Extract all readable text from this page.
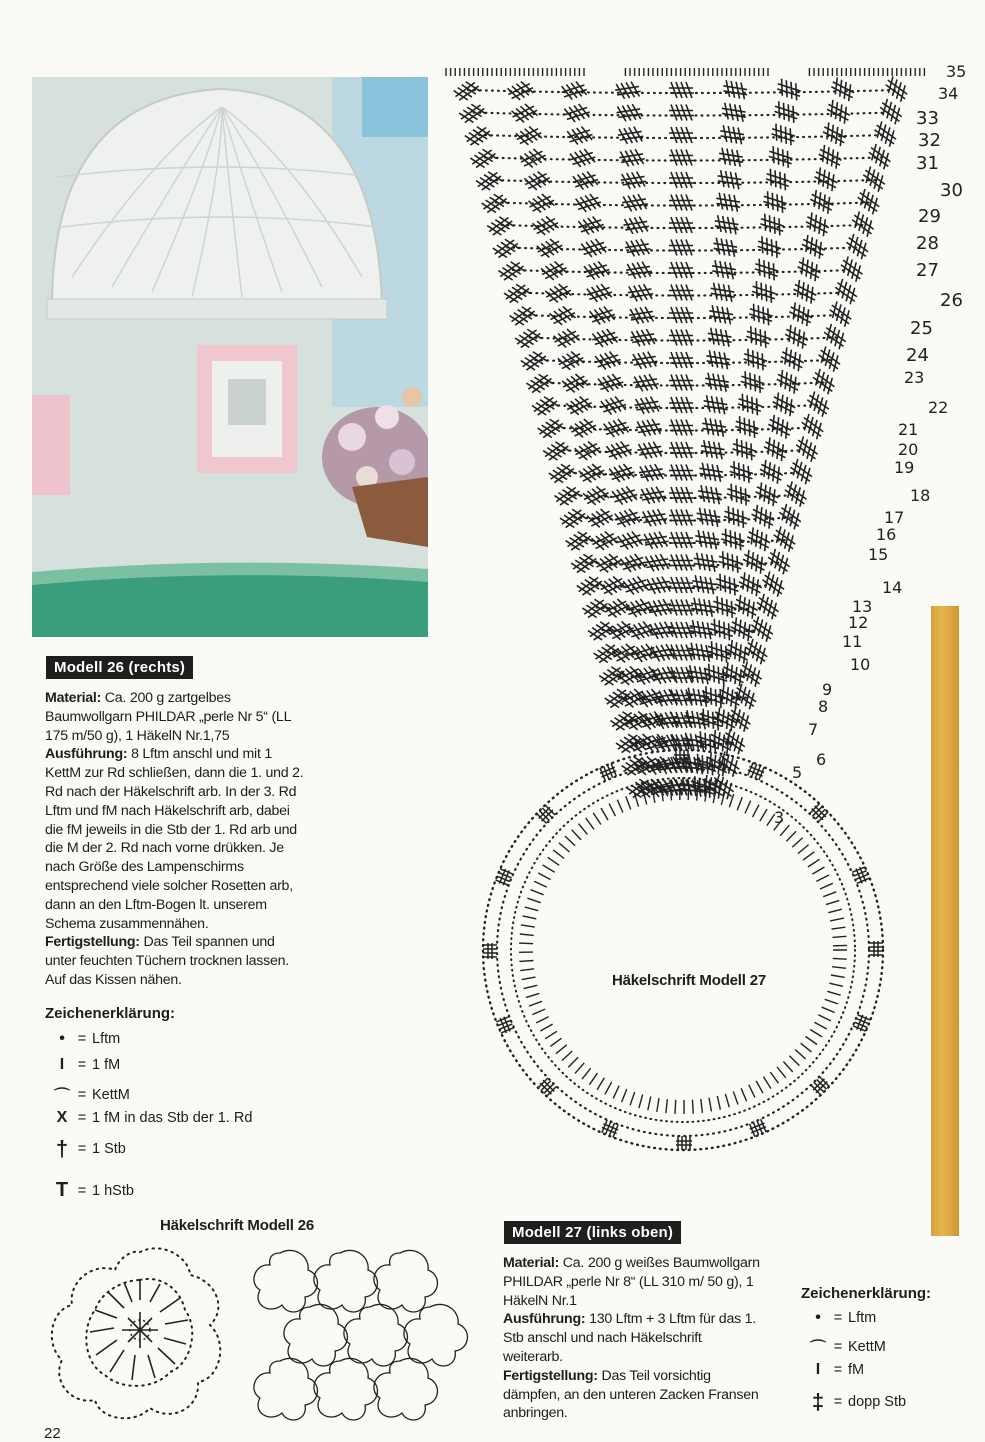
Modell 26 (rechts)

Material: Ca. 200 g zartgelbes Baumwollgarn PHILDAR „perle Nr 5“ (LL 175 m/50 g), 1 HäkelN Nr.1,75

Ausführung: 8 Lftm anschl und mit 1 KettM zur Rd schließen, dann die 1. und 2. Rd nach der Häkelschrift arb. In der 3. Rd Lftm und fM nach Häkelschrift arb, dabei die fM jeweils in die Stb der 1. Rd arb und die M der 2. Rd nach vorne drükken. Je nach Größe des Lampenschirms entsprechend viele solcher Rosetten arb, dann an den Lftm-Bogen lt. unserem Schema zusammennähen.

Fertigstellung: Das Teil spannen und unter feuchten Tüchern trocknen lassen. Auf das Kissen nähen.

Zeichenerklärung:
• = Lftm
I = 1 fM
⌒ = KettM
X = 1 fM in das Stb der 1. Rd
† = 1 Stb
T = 1 hStb
Häkelschrift Modell 26
Häkelschrift Modell 27
35
34
33
32
31
30
29
28
27
26
25
24
23
22
21
20
19
18
17
16
15
14
13
12
11
10
9
8
7
6
5
3
Modell 27 (links oben)

Material: Ca. 200 g weißes Baumwollgarn PHILDAR „perle Nr 8“ (LL 310 m/ 50 g), 1 HäkelN Nr.1

Ausführung: 130 Lftm + 3 Lftm für das 1. Stb anschl und nach Häkelschrift weiterarb.

Fertigstellung: Das Teil vorsichtig dämpfen, an den unteren Zacken Fransen anbringen.

Zeichenerklärung:
• = Lftm
⌒ = KettM
I = fM
‡ = dopp Stb
22
